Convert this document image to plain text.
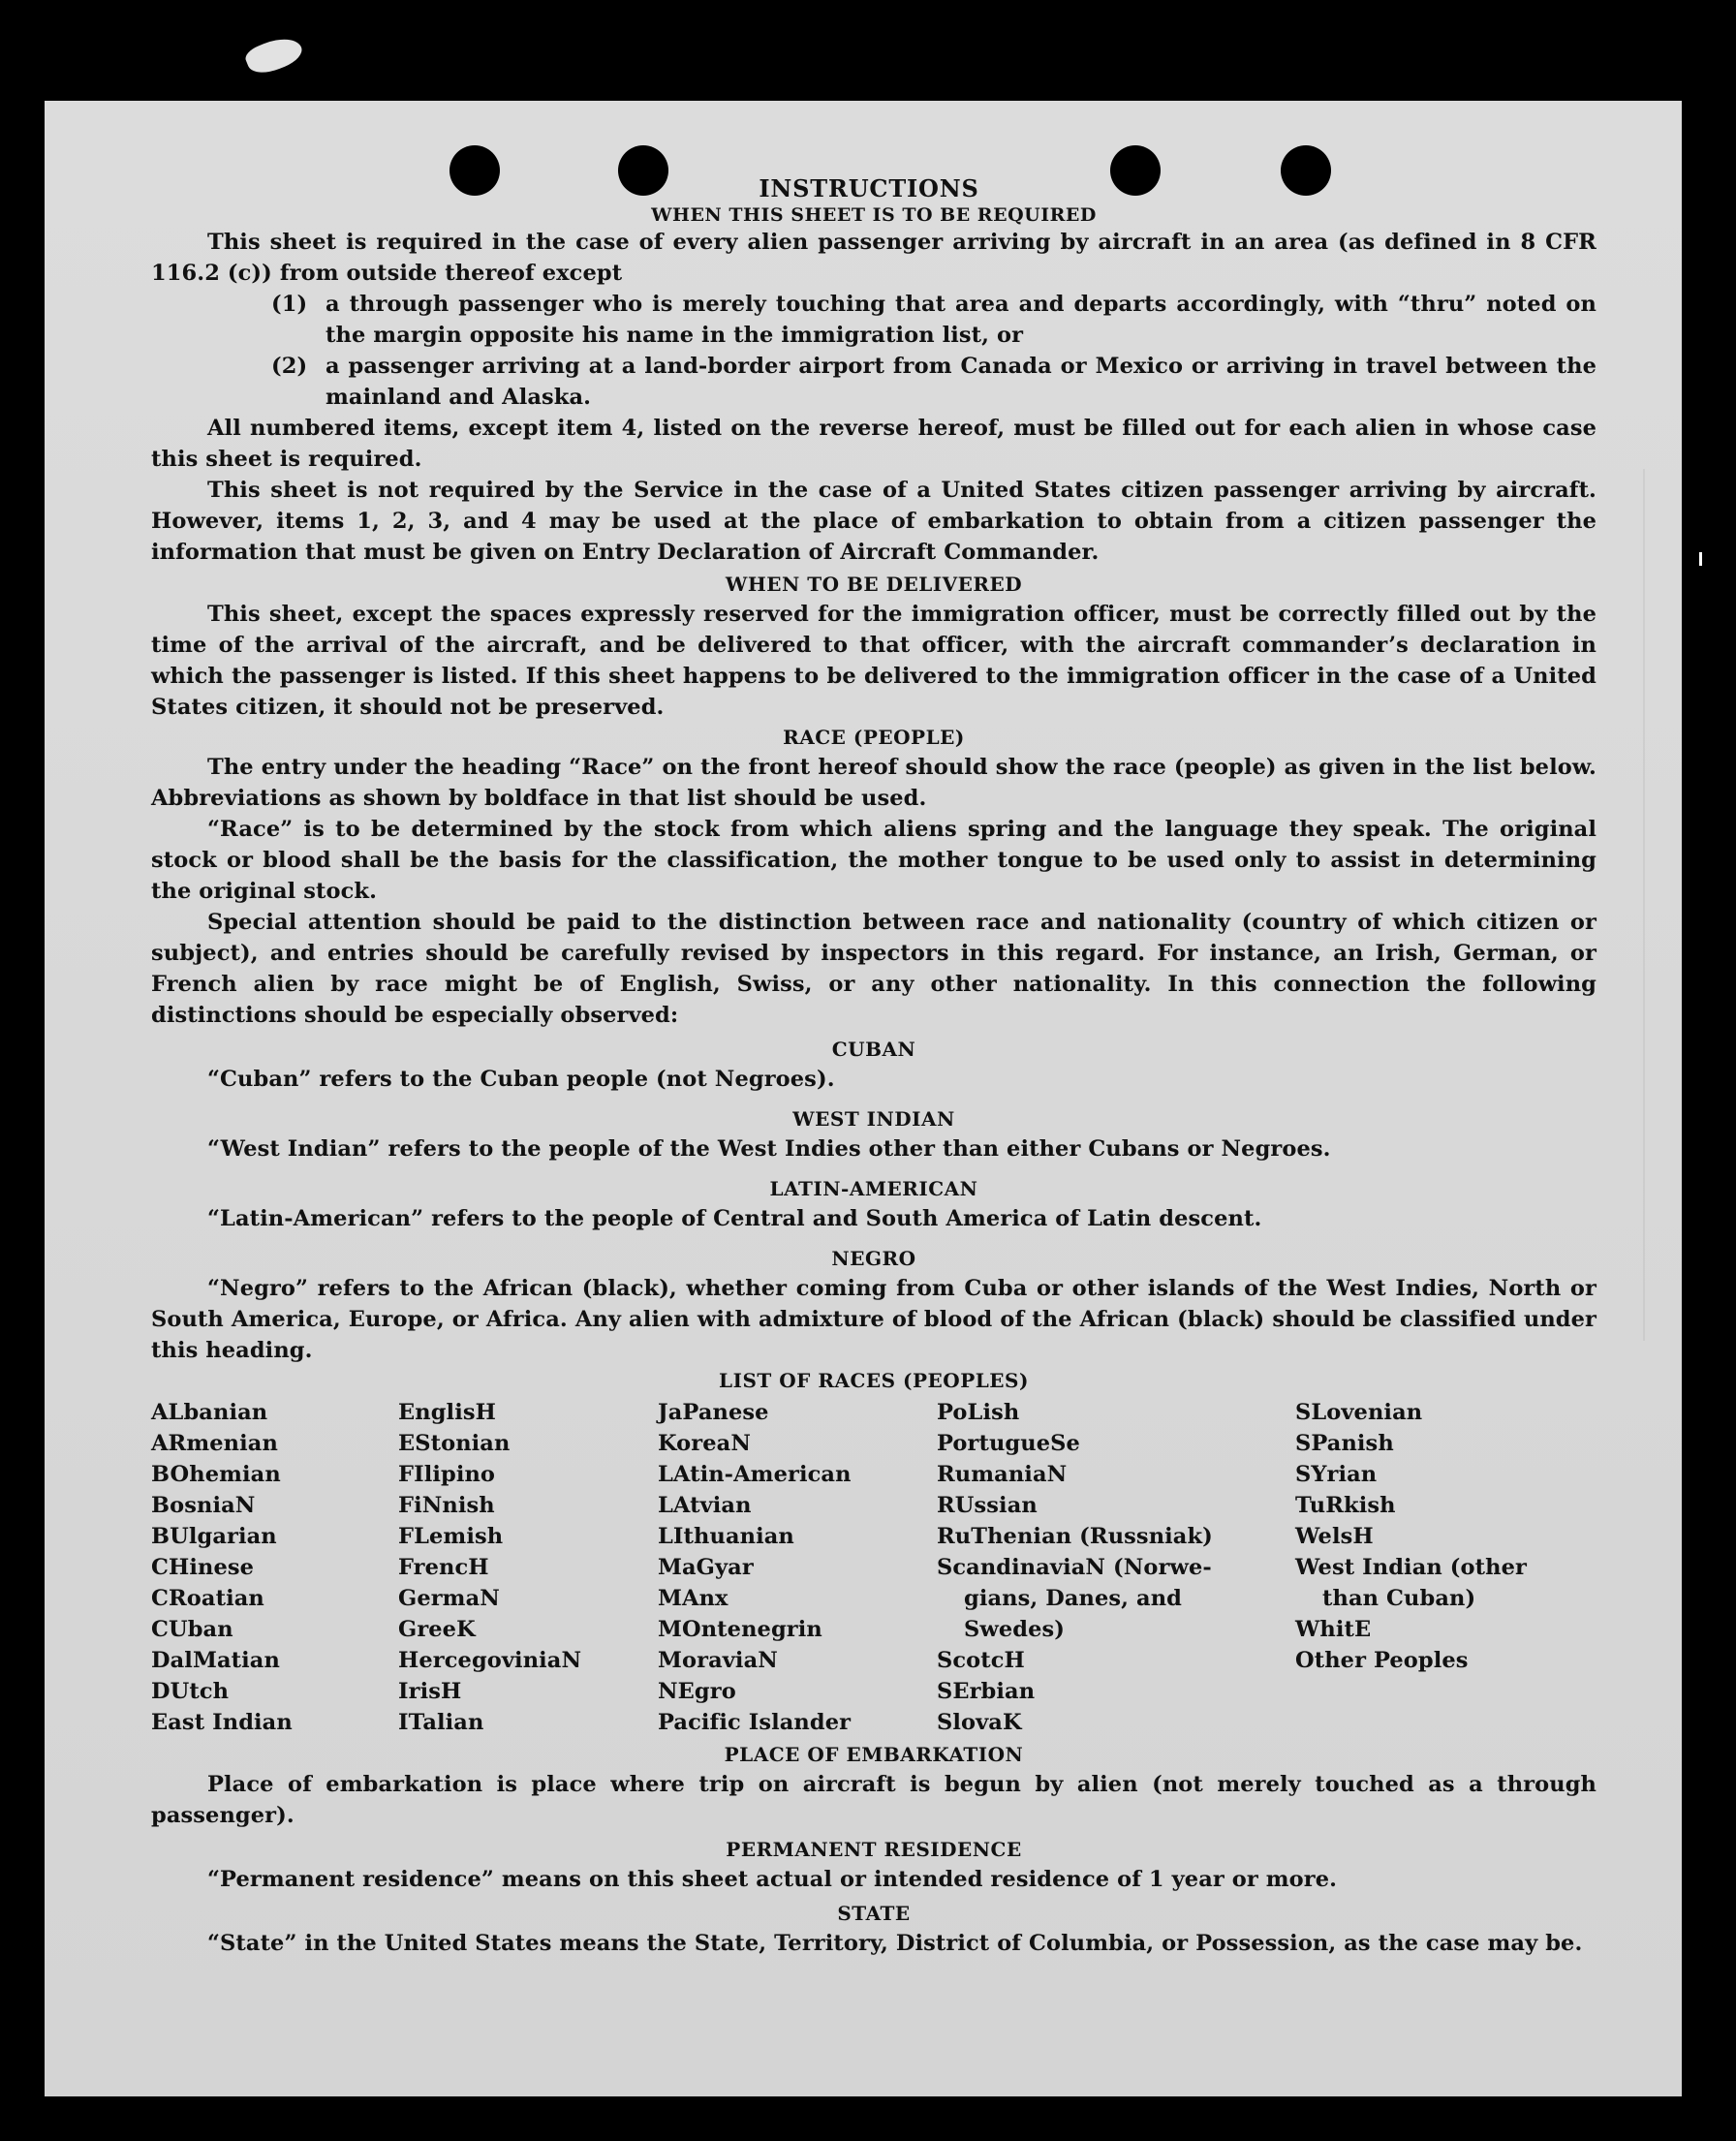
INSTRUCTIONS
WHEN THIS SHEET IS TO BE REQUIRED

This sheet is required in the case of every alien passenger arriving by aircraft in an area (as defined in 8 CFR 116.2 (c)) from outside thereof except

(1) a through passenger who is merely touching that area and departs accordingly, with “thru” noted on the margin opposite his name in the immigration list, or
(2) a passenger arriving at a land-border airport from Canada or Mexico or arriving in travel between the mainland and Alaska.

All numbered items, except item 4, listed on the reverse hereof, must be filled out for each alien in whose case this sheet is required.

This sheet is not required by the Service in the case of a United States citizen passenger arriving by aircraft. However, items 1, 2, 3, and 4 may be used at the place of embarkation to obtain from a citizen passenger the information that must be given on Entry Declaration of Aircraft Commander.

WHEN TO BE DELIVERED

This sheet, except the spaces expressly reserved for the immigration officer, must be correctly filled out by the time of the arrival of the aircraft, and be delivered to that officer, with the aircraft commander’s declaration in which the passenger is listed. If this sheet happens to be delivered to the immigration officer in the case of a United States citizen, it should not be preserved.

RACE (PEOPLE)

The entry under the heading “Race” on the front hereof should show the race (people) as given in the list below. Abbreviations as shown by boldface in that list should be used.

“Race” is to be determined by the stock from which aliens spring and the language they speak. The original stock or blood shall be the basis for the classification, the mother tongue to be used only to assist in determining the original stock.

Special attention should be paid to the distinction between race and nationality (country of which citizen or subject), and entries should be carefully revised by inspectors in this regard. For instance, an Irish, German, or French alien by race might be of English, Swiss, or any other nationality. In this connection the following distinctions should be especially observed:

CUBAN
“Cuban” refers to the Cuban people (not Negroes).
WEST INDIAN
“West Indian” refers to the people of the West Indies other than either Cubans or Negroes.
LATIN-AMERICAN
“Latin-American” refers to the people of Central and South America of Latin descent.
NEGRO

“Negro” refers to the African (black), whether coming from Cuba or other islands of the West Indies, North or South America, Europe, or Africa. Any alien with admixture of blood of the African (black) should be classified under this heading.

LIST OF RACES (PEOPLES)
ALbanian
ARmenian
BOhemian
BosniaN
BUlgarian
CHinese
CRoatian
CUban
DalMatian
DUtch
East Indian
EnglisH
EStonian
FIlipino
FiNnish
FLemish
FrencH
GermaN
GreeK
HercegoviniaN
IrisH
ITalian
JaPanese
KoreaN
LAtin-American
LAtvian
LIthuanian
MaGyar
MAnx
MOntenegrin
MoraviaN
NEgro
Pacific Islander
PoLish
PortugueSe
RumaniaN
RUssian
RuThenian (Russniak)
ScandinaviaN (Norwe-
gians, Danes, and
Swedes)
ScotcH
SErbian
SlovaK
SLovenian
SPanish
SYrian
TuRkish
WelsH
West Indian (other
than Cuban)
WhitE
Other Peoples
PLACE OF EMBARKATION

Place of embarkation is place where trip on aircraft is begun by alien (not merely touched as a through passenger).

PERMANENT RESIDENCE
“Permanent residence” means on this sheet actual or intended residence of 1 year or more.
STATE

“State” in the United States means the State, Territory, District of Columbia, or Possession, as the case may be.
